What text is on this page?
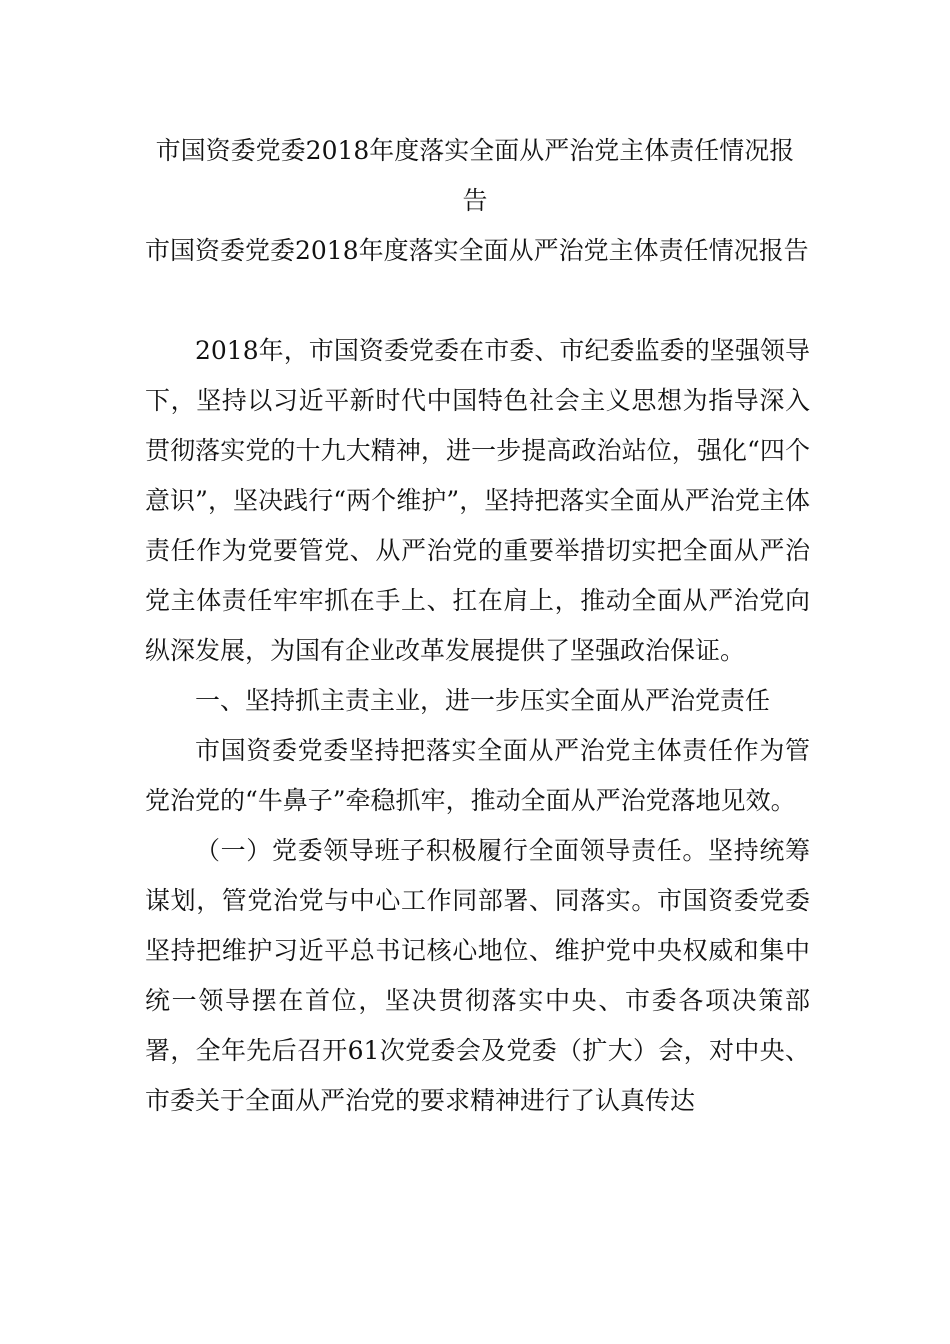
市国资委党委2018年度落实全面从严治党主体责任情况报告
市国资委党委2018年度落实全面从严治党主体责任情况报告

2018年，市国资委党委在市委、市纪委监委的坚强领导下，坚持以习近平新时代中国特色社会主义思想为指导深入贯彻落实党的十九大精神，进一步提高政治站位，强化“四个意识”，坚决践行“两个维护”，坚持把落实全面从严治党主体责任作为党要管党、从严治党的重要举措切实把全面从严治党主体责任牢牢抓在手上、扛在肩上，推动全面从严治党向纵深发展，为国有企业改革发展提供了坚强政治保证。

一、坚持抓主责主业，进一步压实全面从严治党责任

市国资委党委坚持把落实全面从严治党主体责任作为管党治党的“牛鼻子”牵稳抓牢，推动全面从严治党落地见效。

（一）党委领导班子积极履行全面领导责任。坚持统筹谋划，管党治党与中心工作同部署、同落实。市国资委党委坚持把维护习近平总书记核心地位、维护党中央权威和集中统一领导摆在首位，坚决贯彻落实中央、市委各项决策部署，全年先后召开61次党委会及党委（扩大）会，对中央、市委关于全面从严治党的要求精神进行了认真传达
